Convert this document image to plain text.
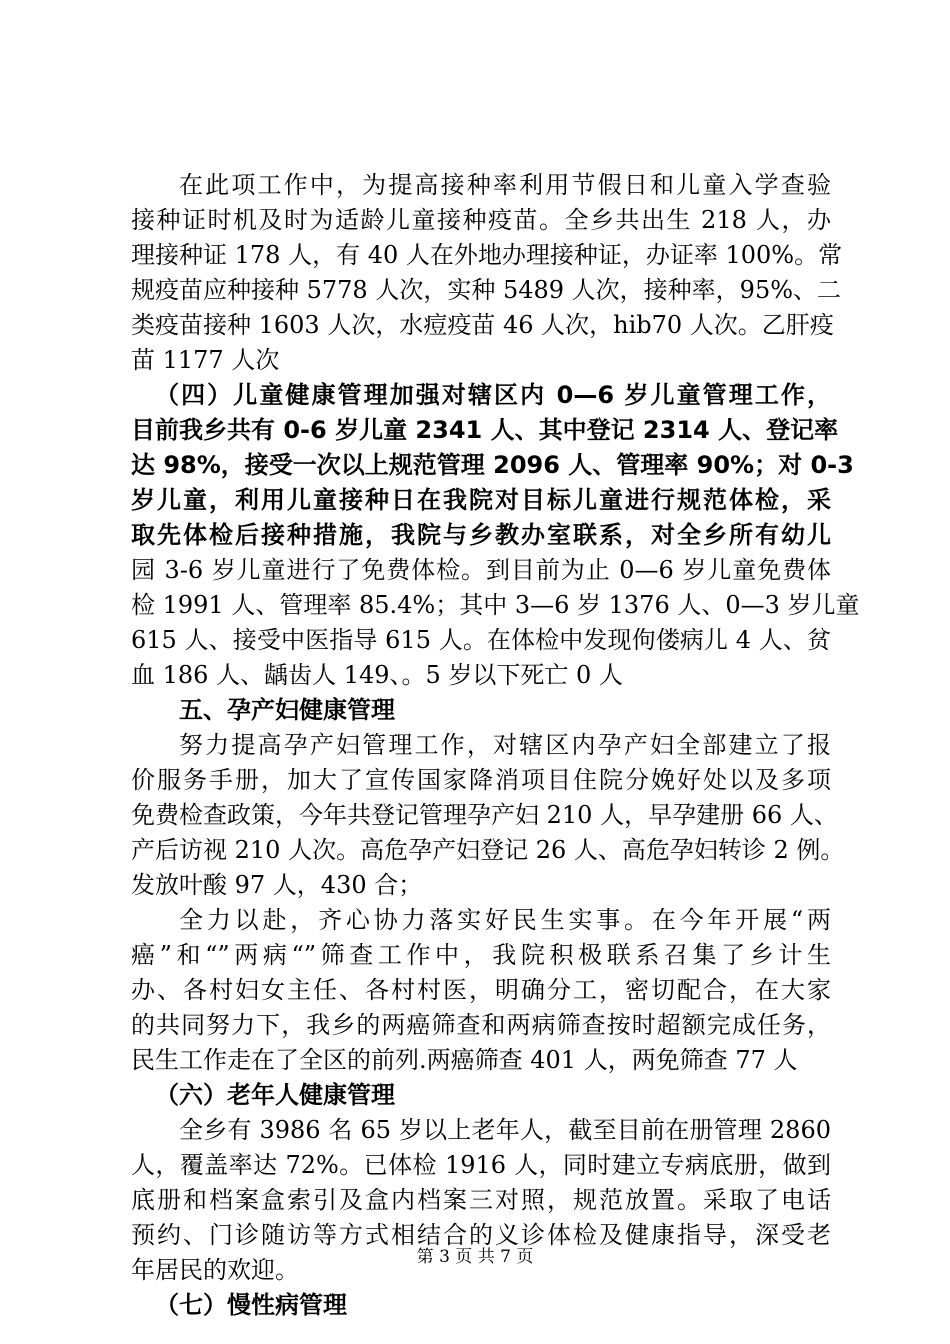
在此项工作中，为提高接种率利用节假日和儿童入学查验
接种证时机及时为适龄儿童接种疫苗。全乡共出生 218 人，办
理接种证 178 人，有 40 人在外地办理接种证，办证率 100%。常
规疫苗应种接种 5778 人次，实种 5489 人次，接种率，95%、二
类疫苗接种 1603 人次，水痘疫苗 46 人次，hib70 人次。乙肝疫
苗 1177 人次
（四）儿童健康管理加强对辖区内 0—6 岁儿童管理工作，
目前我乡共有 0-6 岁儿童 2341 人、其中登记 2314 人、登记率
达 98%，接受一次以上规范管理 2096 人、管理率 90%；对 0-3
岁儿童，利用儿童接种日在我院对目标儿童进行规范体检，采
取先体检后接种措施，我院与乡教办室联系，对全乡所有幼儿
园 3-6 岁儿童进行了免费体检。到目前为止 0—6 岁儿童免费体
检 1991 人、管理率 85.4%；其中 3—6 岁 1376 人、0—3 岁儿童
615 人、接受中医指导 615 人。在体检中发现佝偻病儿 4 人、贫
血 186 人、龋齿人 149、。5 岁以下死亡 0 人
五、孕产妇健康管理
努力提高孕产妇管理工作，对辖区内孕产妇全部建立了报
价服务手册，加大了宣传国家降消项目住院分娩好处以及多项
免费检查政策，今年共登记管理孕产妇 210 人，早孕建册 66 人、
产后访视 210 人次。高危孕产妇登记 26 人、高危孕妇转诊 2 例。
发放叶酸 97 人，430 合；
全力以赴，齐心协力落实好民生实事。在今年开展“两
癌”和“”两病“”筛查工作中，我院积极联系召集了乡计生
办、各村妇女主任、各村村医，明确分工，密切配合，在大家
的共同努力下，我乡的两癌筛查和两病筛查按时超额完成任务，
民生工作走在了全区的前列.两癌筛查 401 人，两免筛查 77 人
（六）老年人健康管理
全乡有 3986 名 65 岁以上老年人，截至目前在册管理 2860
人，覆盖率达 72%。已体检 1916 人，同时建立专病底册，做到
底册和档案盒索引及盒内档案三对照，规范放置。采取了电话
预约、门诊随访等方式相结合的义诊体检及健康指导，深受老
年居民的欢迎。
（七）慢性病管理
第 3 页 共 7 页
